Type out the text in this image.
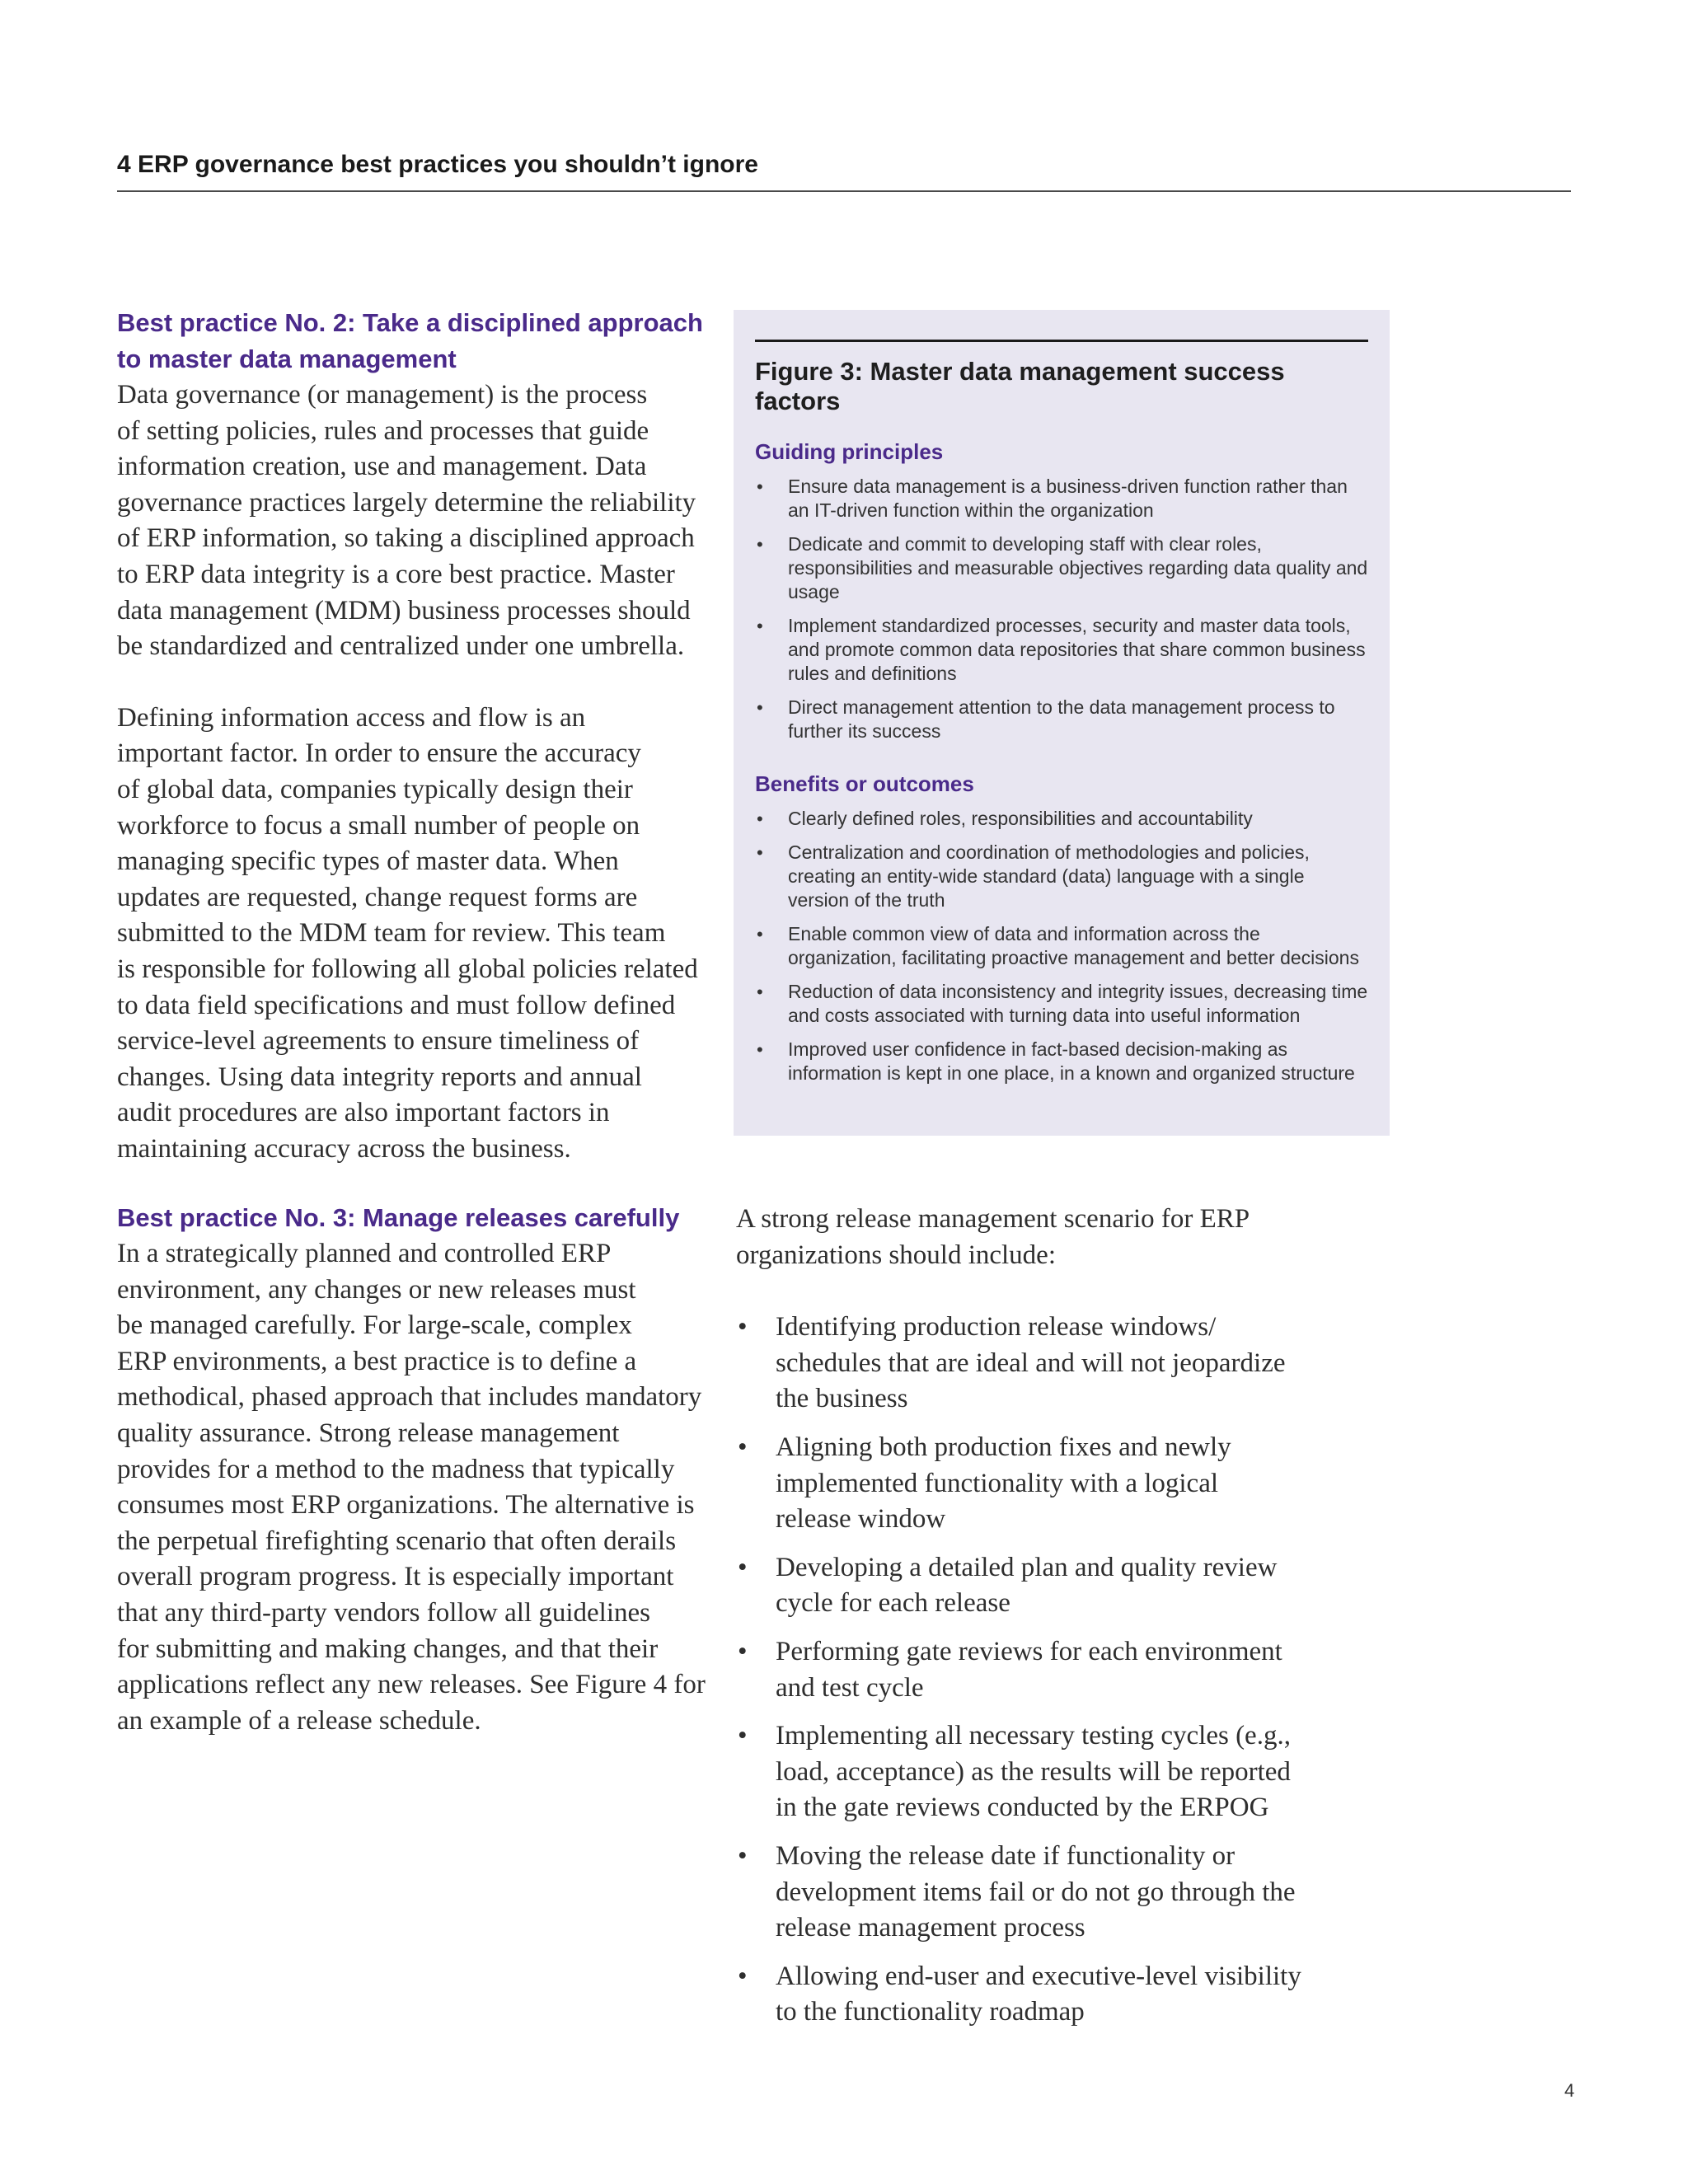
4 ERP governance best practices you shouldn’t ignore

Best practice No. 2: Take a disciplined approach

to master data management

Data governance (or management) is the process

of setting policies, rules and processes that guide

information creation, use and management. Data

governance practices largely determine the reliability

of ERP information, so taking a disciplined approach

to ERP data integrity is a core best practice. Master

data management (MDM) business processes should

be standardized and centralized under one umbrella.

Defining information access and flow is an

important factor. In order to ensure the accuracy

of global data, companies typically design their

workforce to focus a small number of people on

managing specific types of master data. When

updates are requested, change request forms are

submitted to the MDM team for review. This team

is responsible for following all global policies related

to data field specifications and must follow defined

service-level agreements to ensure timeliness of

changes. Using data integrity reports and annual

audit procedures are also important factors in

maintaining accuracy across the business.

Figure 3: Master data management success factors
Guiding principles
• Ensure data management is a business-driven function rather than an IT-driven function within the organization
• Dedicate and commit to developing staff with clear roles, responsibilities and measurable objectives regarding data quality and usage
• Implement standardized processes, security and master data tools, and promote common data repositories that share common business rules and definitions
• Direct management attention to the data management process to further its success
Benefits or outcomes
• Clearly defined roles, responsibilities and accountability
• Centralization and coordination of methodologies and policies, creating an entity-wide standard (data) language with a single version of the truth
• Enable common view of data and information across the organization, facilitating proactive management and better decisions
• Reduction of data inconsistency and integrity issues, decreasing time and costs associated with turning data into useful information
• Improved user confidence in fact-based decision-making as information is kept in one place, in a known and organized structure

Best practice No. 3: Manage releases carefully

In a strategically planned and controlled ERP

environment, any changes or new releases must

be managed carefully. For large-scale, complex

ERP environments, a best practice is to define a

methodical, phased approach that includes mandatory

quality assurance. Strong release management

provides for a method to the madness that typically

consumes most ERP organizations. The alternative is

the perpetual firefighting scenario that often derails

overall program progress. It is especially important

that any third-party vendors follow all guidelines

for submitting and making changes, and that their

applications reflect any new releases. See Figure 4 for

an example of a release schedule.

A strong release management scenario for ERP

organizations should include:

• Identifying production release windows/
schedules that are ideal and will not jeopardize
the business
• Aligning both production fixes and newly
implemented functionality with a logical
release window
• Developing a detailed plan and quality review
cycle for each release
• Performing gate reviews for each environment
and test cycle
• Implementing all necessary testing cycles (e.g.,
load, acceptance) as the results will be reported
in the gate reviews conducted by the ERPOG
• Moving the release date if functionality or
development items fail or do not go through the
release management process
• Allowing end-user and executive-level visibility
to the functionality roadmap
4
